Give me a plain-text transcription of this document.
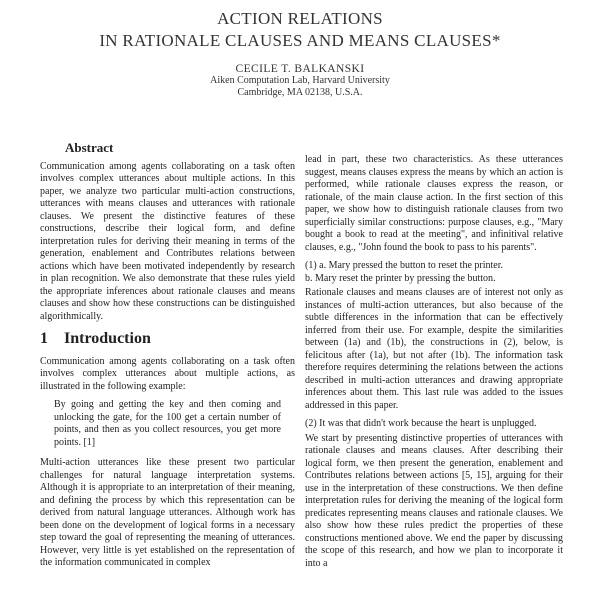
ACTION RELATIONS
IN RATIONALE CLAUSES AND MEANS CLAUSES*
CECILE T. BALKANSKI
Aiken Computation Lab, Harvard University
Cambridge, MA 02138, U.S.A.
Abstract

Communication among agents collaborating on a task often involves complex utterances about multiple actions. In this paper, we analyze two particular multi-action constructions, utterances with means clauses and utterances with rationale clauses. We present the distinctive features of these constructions, describe their logical form, and define interpretation rules for deriving their meaning in terms of the generation, enablement and Contributes relations between actions which have been motivated independently by research in plan recognition. We also demonstrate that these rules yield the appropriate inferences about rationale clauses and means clauses and show how these constructions can be distinguished algorithmically.

1 Introduction

Communication among agents collaborating on a task often involves complex utterances about multiple actions, as illustrated in the following example:

By going and getting the key and then coming and unlocking the gate, for the 100 get a certain number of points, and then as you collect resources, you get more points. [1]

Multi-action utterances like these present two particular challenges for natural language interpretation systems. Although it is appropriate to an interpretation of their meaning, and defining the process by which this representation can be derived from natural language utterances. Although work has been done on the development of logical forms in a necessary step toward the goal of representing the meaning of utterances. However, very little is yet established on the representation of the information communicated in complex

lead in part, these two characteristics. As these utterances suggest, means clauses express the means by which an action is performed, while rationale clauses express the reason, or rationale, of the main clause action. In the first section of this paper, we show how to distinguish rationale clauses from two superficially similar constructions: purpose clauses, e.g., "Mary bought a book to read at the meeting", and infinitival relative clauses, e.g., "John found the book to pass to his parents".

(1) a. Mary pressed the button to reset the printer.
b. Mary reset the printer by pressing the button.

Rationale clauses and means clauses are of interest not only as instances of multi-action utterances, but also because of the subtle differences in the information that can be effectively inferred from their use. For example, despite the similarities between (1a) and (1b), the constructions in (2), below, is felicitous after (1a), but not after (1b). The information task therefore requires determining the relations between the actions described in multi-action utterances and drawing appropriate inferences about them. This last rule was added to the issues addressed in this paper.

(2) It was that didn't work because the heart is unplugged.

We start by presenting distinctive properties of utterances with rationale clauses and means clauses. After describing their logical form, we then present the generation, enablement and Contributes relations between actions [5, 15], arguing for their use in the interpretation of these constructions. We then define interpretation rules for deriving the meaning of the logical form predicates representing means clauses and rationale clauses. We also show how these rules predict the properties of these constructions mentioned above. We end the paper by discussing the scope of this research, and how we plan to incorporate it into a
